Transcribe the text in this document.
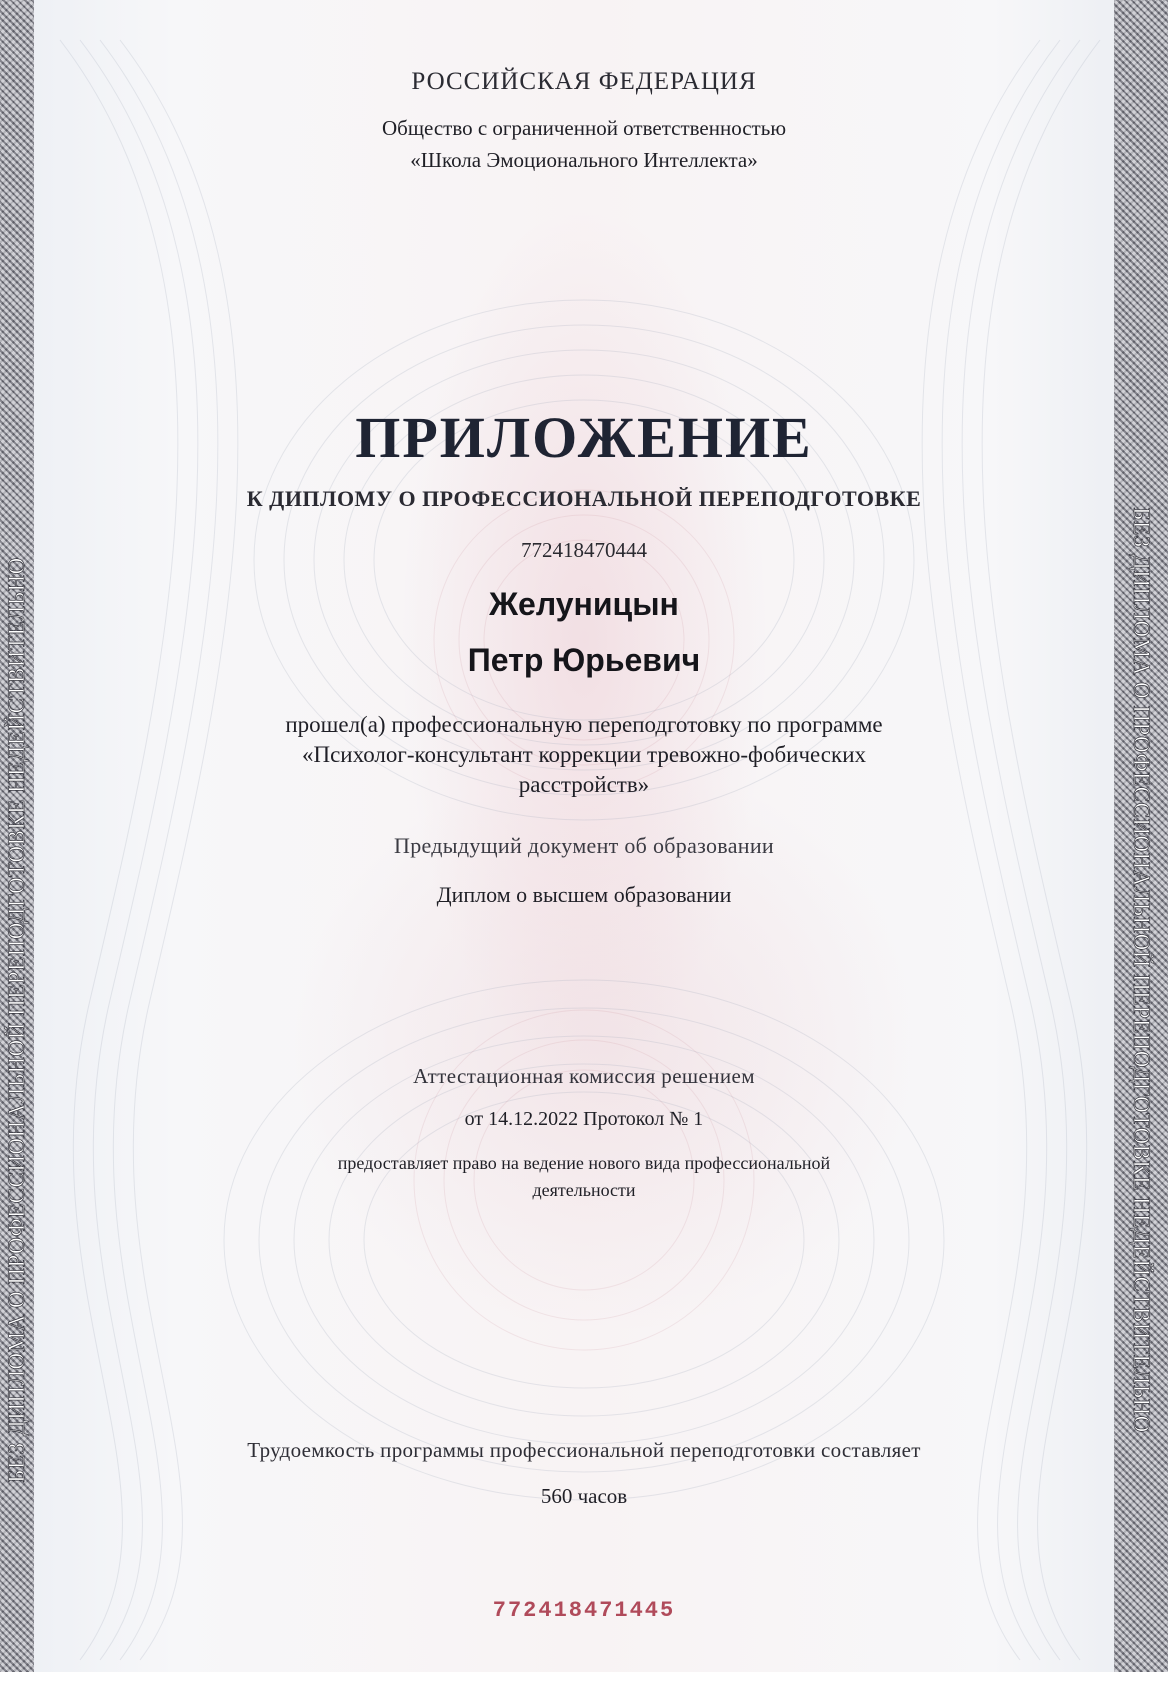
БЕЗ ДИПЛОМА О ПРОФЕССИОНАЛЬНОЙ ПЕРЕПОДГОТОВКЕ НЕДЕЙСТВИТЕЛЬНО	БЕЗ ДИПЛОМА О ПРОФЕССИОНАЛЬНОЙ ПЕРЕПОДГОТОВКЕ НЕДЕЙСТВИТЕЛЬНО
РОССИЙСКАЯ ФЕДЕРАЦИЯ
Общество с ограниченной ответственностью
«Школа Эмоционального Интеллекта»
ПРИЛОЖЕНИЕ
К ДИПЛОМУ О ПРОФЕССИОНАЛЬНОЙ ПЕРЕПОДГОТОВКЕ
772418470444
Желуницын
Петр Юрьевич
прошел(а) профессиональную переподготовку по программе
«Психолог-консультант коррекции тревожно-фобических
расстройств»
Предыдущий документ об образовании
Диплом о высшем образовании
Аттестационная комиссия решением
от 14.12.2022 Протокол № 1
предоставляет право на ведение нового вида профессиональной
деятельности
Трудоемкость программы профессиональной переподготовки составляет
560 часов
772418471445
